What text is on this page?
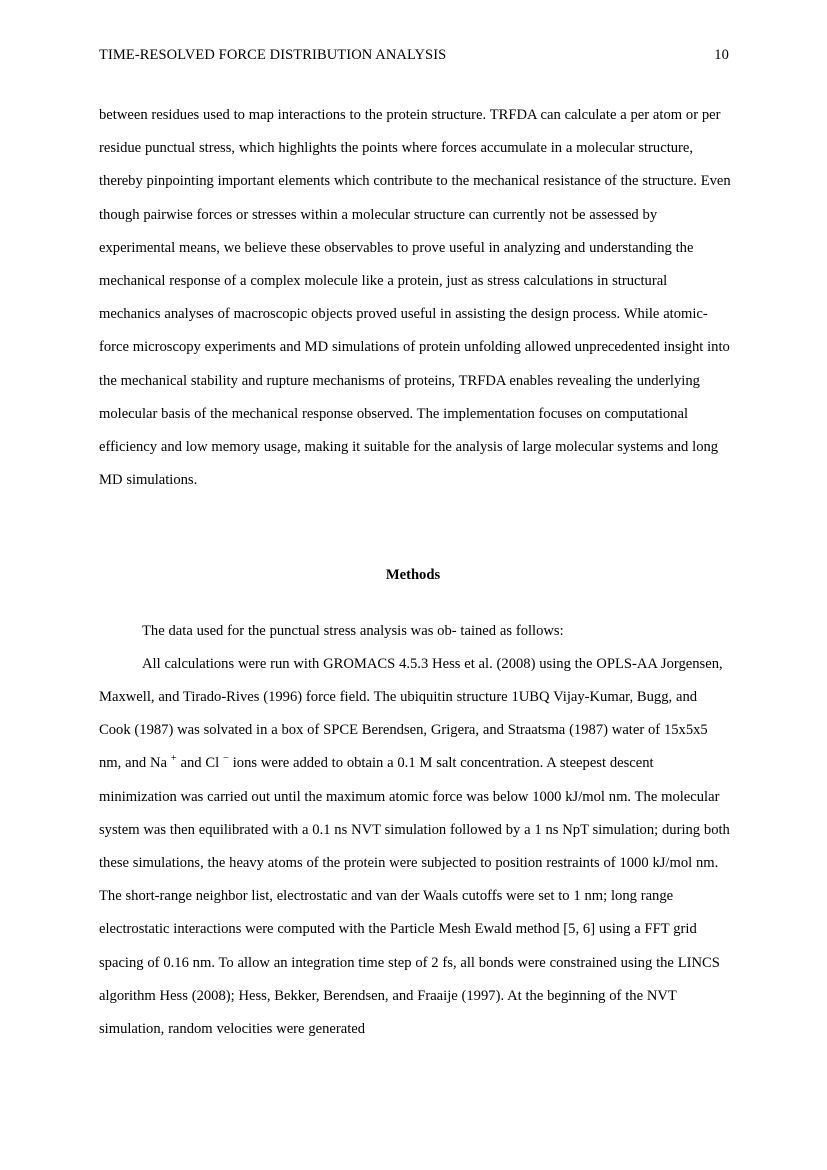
TIME-RESOLVED FORCE DISTRIBUTION ANALYSIS	10

between residues used to map interactions to the protein structure. TRFDA can calculate a per atom or per residue punctual stress, which highlights the points where forces accumulate in a molecular structure, thereby pinpointing important elements which contribute to the mechanical resistance of the structure. Even though pairwise forces or stresses within a molecular structure can currently not be assessed by experimental means, we believe these observables to prove useful in analyzing and understanding the mechanical response of a complex molecule like a protein, just as stress calculations in structural mechanics analyses of macroscopic objects proved useful in assisting the design process. While atomic-force microscopy experiments and MD simulations of protein unfolding allowed unprecedented insight into the mechanical stability and rupture mechanisms of proteins, TRFDA enables revealing the underlying molecular basis of the mechanical response observed. The implementation focuses on computational efficiency and low memory usage, making it suitable for the analysis of large molecular systems and long MD simulations.

Methods

The data used for the punctual stress analysis was ob- tained as follows:

All calculations were run with GROMACS 4.5.3 Hess et al. (2008) using the OPLS-AA Jorgensen, Maxwell, and Tirado-Rives (1996) force field. The ubiquitin structure 1UBQ Vijay-Kumar, Bugg, and Cook (1987) was solvated in a box of SPCE Berendsen, Grigera, and Straatsma (1987) water of 15x5x5 nm, and Na + and Cl − ions were added to obtain a 0.1 M salt concentration. A steepest descent minimization was carried out until the maximum atomic force was below 1000 kJ/mol nm. The molecular system was then equilibrated with a 0.1 ns NVT simulation followed by a 1 ns NpT simulation; during both these simulations, the heavy atoms of the protein were subjected to position restraints of 1000 kJ/mol nm. The short-range neighbor list, electrostatic and van der Waals cutoffs were set to 1 nm; long range electrostatic interactions were computed with the Particle Mesh Ewald method [5, 6] using a FFT grid spacing of 0.16 nm. To allow an integration time step of 2 fs, all bonds were constrained using the LINCS algorithm Hess (2008); Hess, Bekker, Berendsen, and Fraaije (1997). At the beginning of the NVT simulation, random velocities were generated
